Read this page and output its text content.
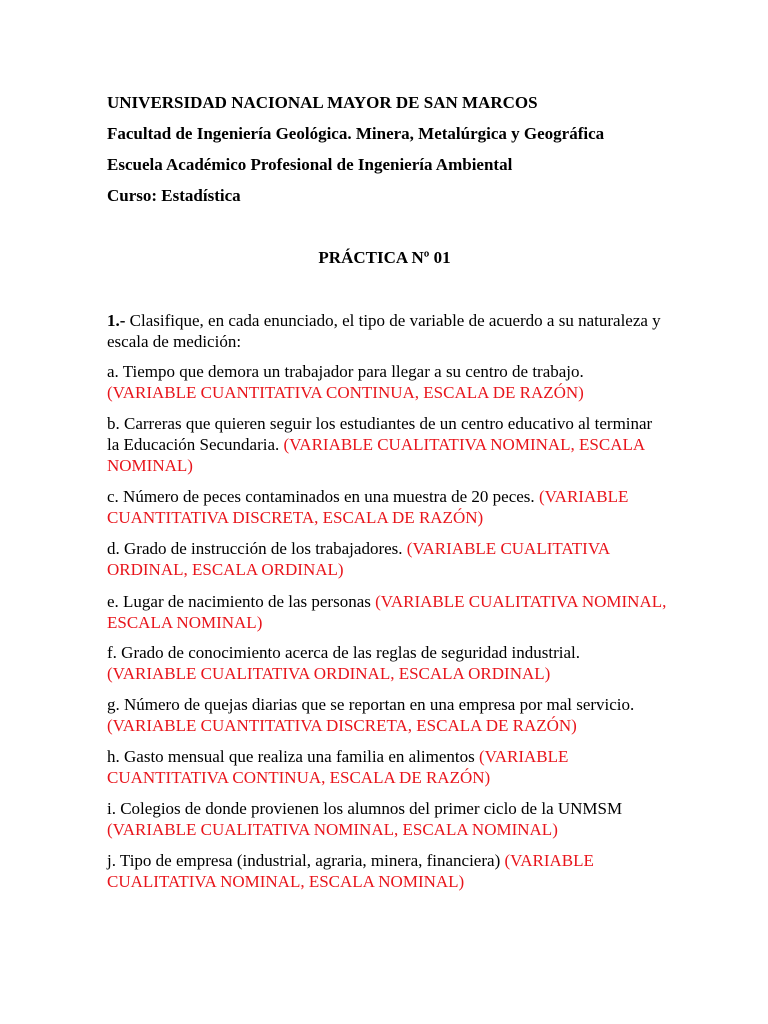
UNIVERSIDAD NACIONAL MAYOR DE SAN MARCOS
Facultad de Ingeniería Geológica. Minera, Metalúrgica y Geográfica
Escuela Académico Profesional de Ingeniería Ambiental
Curso: Estadística
PRÁCTICA Nº 01
1.- Clasifique, en cada enunciado, el tipo de variable de acuerdo a su naturaleza y escala de medición:
a. Tiempo que demora un trabajador para llegar a su centro de trabajo. (VARIABLE CUANTITATIVA CONTINUA, ESCALA DE RAZÓN)
b. Carreras que quieren seguir los estudiantes de un centro educativo al terminar la Educación Secundaria. (VARIABLE CUALITATIVA NOMINAL, ESCALA NOMINAL)
c. Número de peces contaminados en una muestra de 20 peces. (VARIABLE CUANTITATIVA DISCRETA, ESCALA DE RAZÓN)
d. Grado de instrucción de los trabajadores. (VARIABLE CUALITATIVA ORDINAL, ESCALA ORDINAL)
e. Lugar de nacimiento de las personas (VARIABLE CUALITATIVA NOMINAL, ESCALA NOMINAL)
f. Grado de conocimiento acerca de las reglas de seguridad industrial. (VARIABLE CUALITATIVA ORDINAL, ESCALA ORDINAL)
g. Número de quejas diarias que se reportan en una empresa por mal servicio. (VARIABLE CUANTITATIVA DISCRETA, ESCALA DE RAZÓN)
h. Gasto mensual que realiza una familia en alimentos (VARIABLE CUANTITATIVA CONTINUA, ESCALA DE RAZÓN)
i. Colegios de donde provienen los alumnos del primer ciclo de la UNMSM (VARIABLE CUALITATIVA NOMINAL, ESCALA NOMINAL)
j. Tipo de empresa (industrial, agraria, minera, financiera) (VARIABLE CUALITATIVA NOMINAL, ESCALA NOMINAL)
